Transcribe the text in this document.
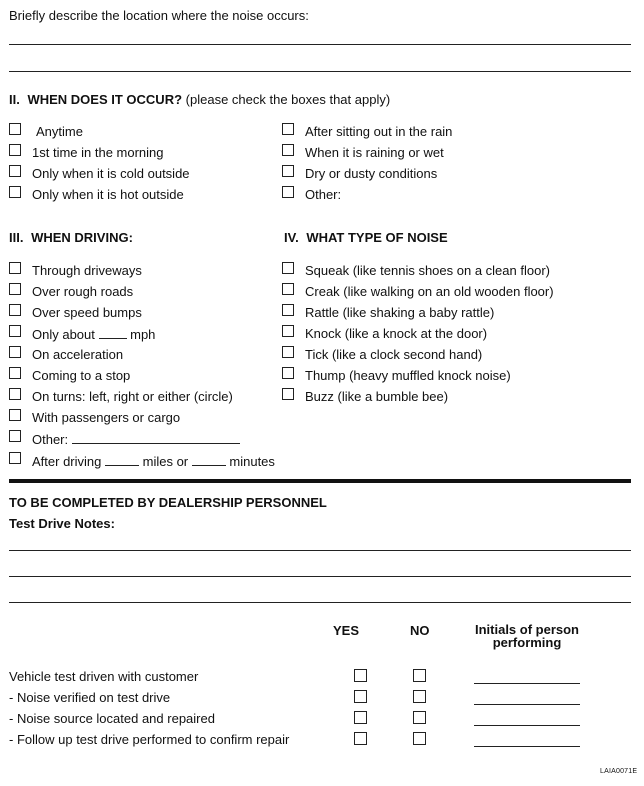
Briefly describe the location where the noise occurs:
II. WHEN DOES IT OCCUR? (please check the boxes that apply)
Anytime
1st time in the morning
Only when it is cold outside
Only when it is hot outside
After sitting out in the rain
When it is raining or wet
Dry or dusty conditions
Other:
III. WHEN DRIVING:	IV. WHAT TYPE OF NOISE
Through driveways
Over rough roads
Over speed bumps
Only about	mph
On acceleration
Coming to a stop
On turns: left, right or either (circle)
With passengers or cargo
Other:
After driving	miles or	minutes
Squeak (like tennis shoes on a clean floor)
Creak (like walking on an old wooden floor)
Rattle (like shaking a baby rattle)
Knock (like a knock at the door)
Tick (like a clock second hand)
Thump (heavy muffled knock noise)
Buzz (like a bumble bee)
TO BE COMPLETED BY DEALERSHIP PERSONNEL
Test Drive Notes:
YES	NO	Initials of person
performing
Vehicle test driven with customer
- Noise verified on test drive
- Noise source located and repaired
- Follow up test drive performed to confirm repair
LAIA0071E
